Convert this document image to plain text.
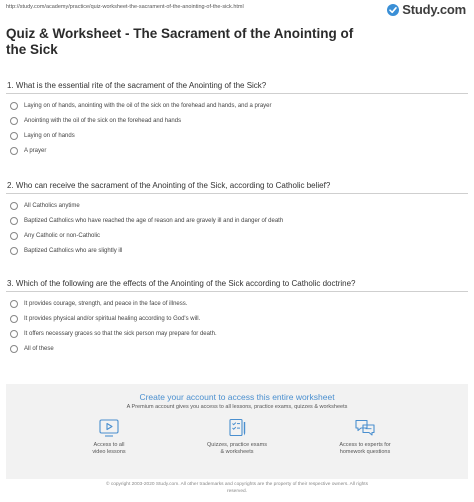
http://study.com/academy/practice/quiz-worksheet-the-sacrament-of-the-anointing-of-the-sick.html	Study.com
Quiz & Worksheet - The Sacrament of the Anointing of the Sick
1. What is the essential rite of the sacrament of the Anointing of the Sick?
Laying on of hands, anointing with the oil of the sick on the forehead and hands, and a prayer
Anointing with the oil of the sick on the forehead and hands
Laying on of hands
A prayer
2. Who can receive the sacrament of the Anointing of the Sick, according to Catholic belief?
All Catholics anytime
Baptized Catholics who have reached the age of reason and are gravely ill and in danger of death
Any Catholic or non-Catholic
Baptized Catholics who are slightly ill
3. Which of the following are the effects of the Anointing of the Sick according to Catholic doctrine?
It provides courage, strength, and peace in the face of illness.
It provides physical and/or spiritual healing according to God's will.
It offers necessary graces so that the sick person may prepare for death.
All of these
Create your account to access this entire worksheet
A Premium account gives you access to all lessons, practice exams, quizzes & worksheets
Access to all
video lessons
Quizzes, practice exams
& worksheets
Access to experts for
homework questions
© copyright 2003-2020 Study.com. All other trademarks and copyrights are the property of their respective owners. All rights
reserved.
